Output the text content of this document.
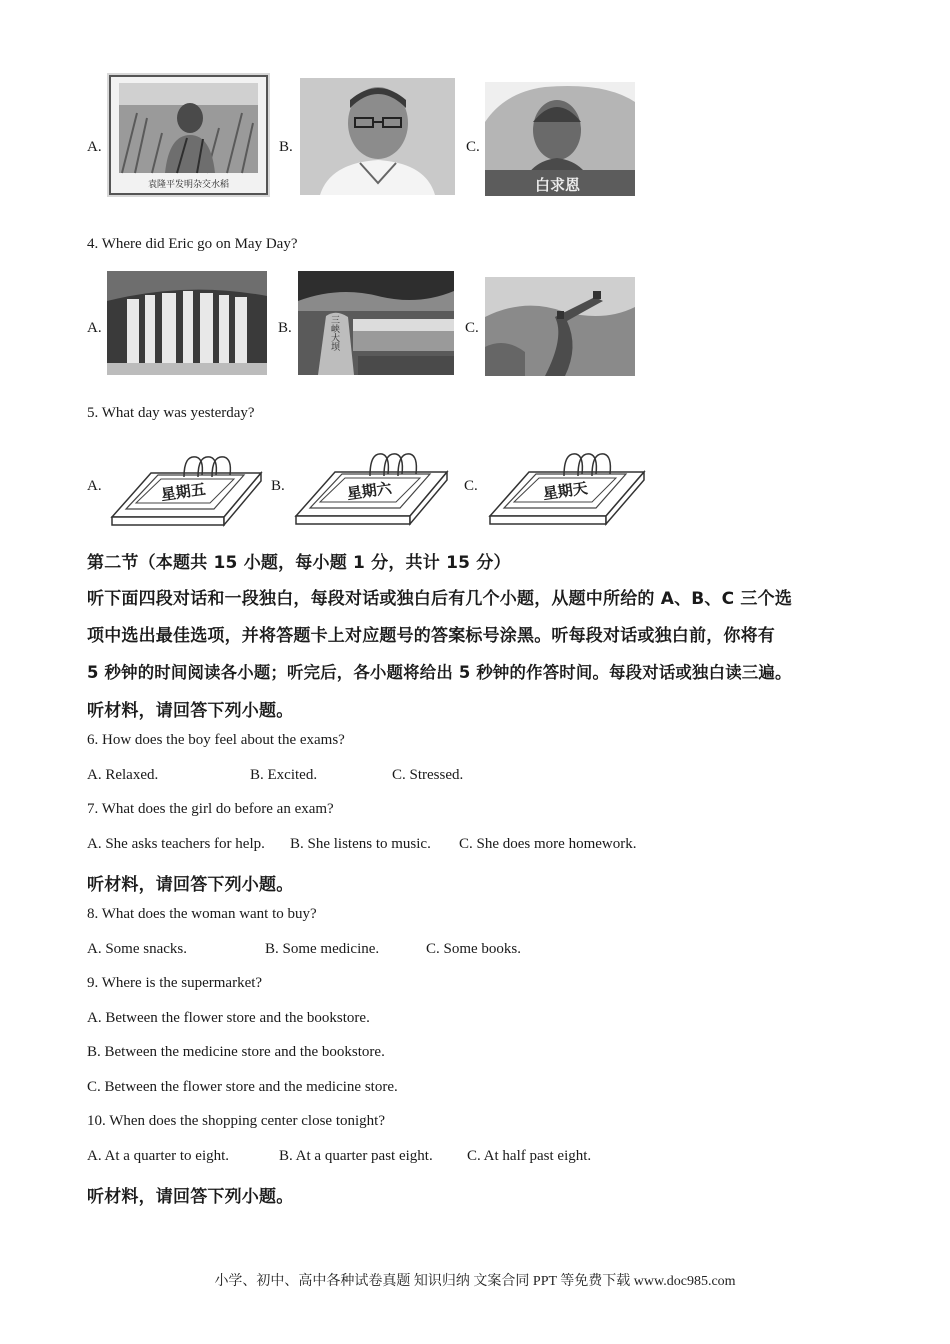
A.
袁隆平发明杂交水稻
B.	C.
白求恩
4. Where did Eric go on May Day?
A.	B.	三峡大坝	C.
5. What day was yesterday?
A.	星期五	B.	星期六	C.	星期天
第二节（本题共 15 小题，每小题 1 分，共计 15 分）
听下面四段对话和一段独白，每段对话或独白后有几个小题，从题中所给的 A、B、C 三个选
项中选出最佳选项，并将答题卡上对应题号的答案标号涂黑。听每段对话或独白前，你将有
5 秒钟的时间阅读各小题；听完后，各小题将给出 5 秒钟的作答时间。每段对话或独白读三遍。
听材料，请回答下列小题。
6. How does the boy feel about the exams?
A. Relaxed.	B. Excited.	C. Stressed.
7. What does the girl do before an exam?
A. She asks teachers for help. B. She listens to music. C. She does more homework.
听材料，请回答下列小题。
8. What does the woman want to buy?
A. Some snacks.	B. Some medicine.	C. Some books.
9. Where is the supermarket?
A. Between the flower store and the bookstore.
B. Between the medicine store and the bookstore.
C. Between the flower store and the medicine store.
10. When does the shopping center close tonight?
A. At a quarter to eight.	B. At a quarter past eight. C. At half past eight.
听材料，请回答下列小题。
小学、初中、高中各种试卷真题 知识归纳 文案合同 PPT 等免费下载 www.doc985.com
